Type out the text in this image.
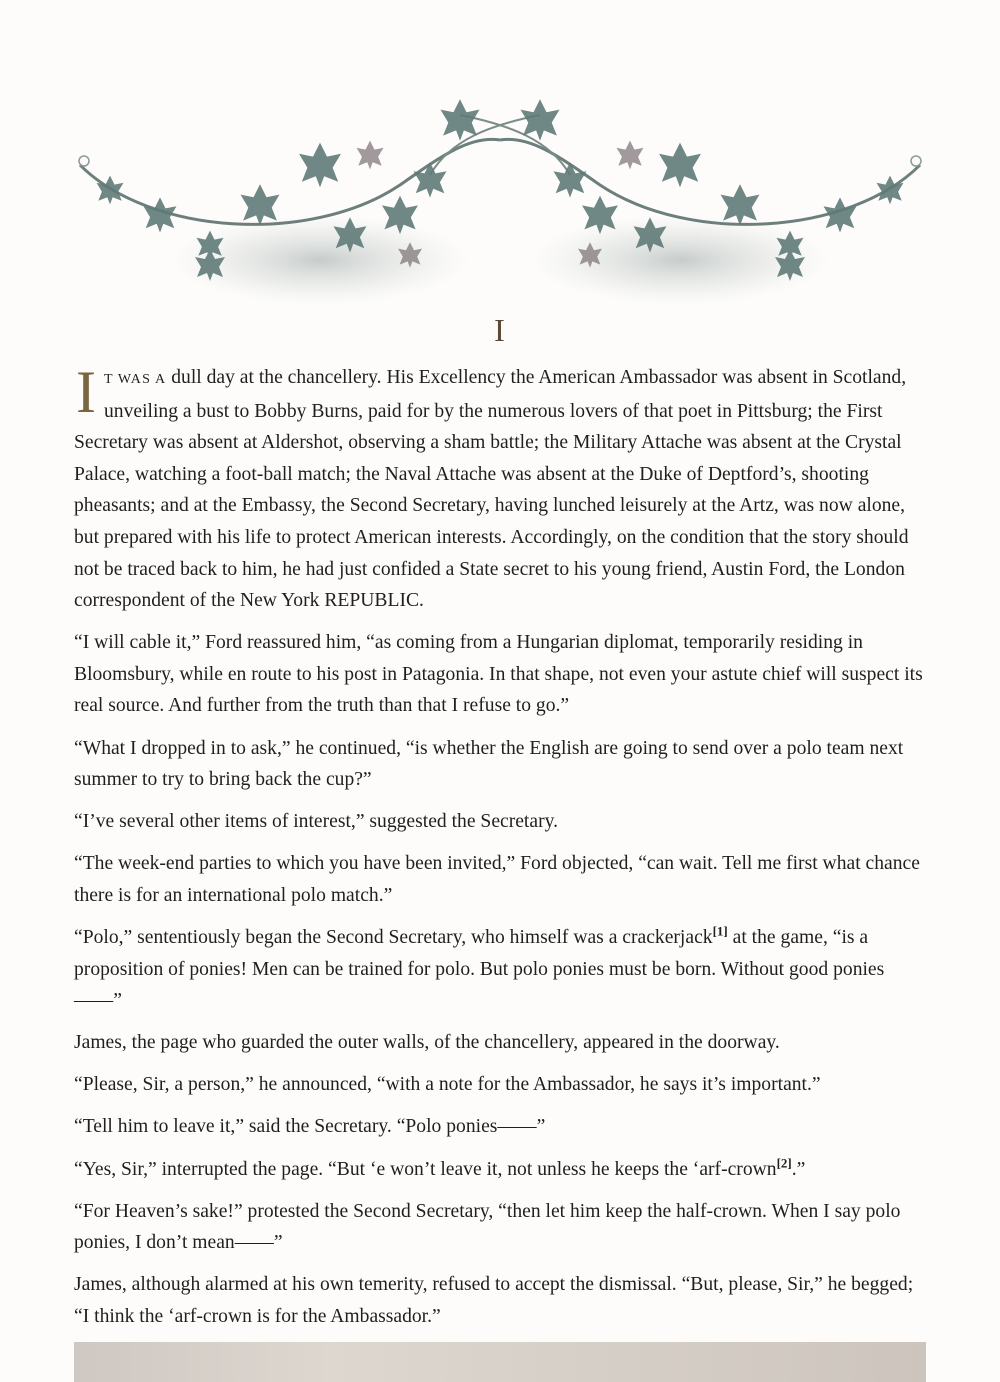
I

IT WAS A dull day at the chancellery. His Excellency the American Ambassador was absent in Scotland, unveiling a bust to Bobby Burns, paid for by the numerous lovers of that poet in Pittsburg; the First Secretary was absent at Aldershot, observing a sham battle; the Military Attache was absent at the Crystal Palace, watching a foot-ball match; the Naval Attache was absent at the Duke of Deptford’s, shooting pheasants; and at the Embassy, the Second Secretary, having lunched leisurely at the Artz, was now alone, but prepared with his life to protect American interests. Accordingly, on the condition that the story should not be traced back to him, he had just confided a State secret to his young friend, Austin Ford, the London correspondent of the New York REPUBLIC.

“I will cable it,” Ford reassured him, “as coming from a Hungarian diplomat, temporarily residing in Bloomsbury, while en route to his post in Patagonia. In that shape, not even your astute chief will suspect its real source. And further from the truth than that I refuse to go.”

“What I dropped in to ask,” he continued, “is whether the English are going to send over a polo team next summer to try to bring back the cup?”

“I’ve several other items of interest,” suggested the Secretary.

“The week-end parties to which you have been invited,” Ford objected, “can wait. Tell me first what chance there is for an international polo match.”

“Polo,” sententiously began the Second Secretary, who himself was a crackerjack[1] at the game, “is a proposition of ponies! Men can be trained for polo. But polo ponies must be born. Without good ponies ——”

James, the page who guarded the outer walls, of the chancellery, appeared in the doorway.

“Please, Sir, a person,” he announced, “with a note for the Ambassador, he says it’s important.”

“Tell him to leave it,” said the Secretary. “Polo ponies——”

“Yes, Sir,” interrupted the page. “But ‘e won’t leave it, not unless he keeps the ‘arf-crown[2].”

“For Heaven’s sake!” protested the Second Secretary, “then let him keep the half-crown. When I say polo ponies, I don’t mean——”

James, although alarmed at his own temerity, refused to accept the dismissal. “But, please, Sir,” he begged; “I think the ‘arf-crown is for the Ambassador.”
